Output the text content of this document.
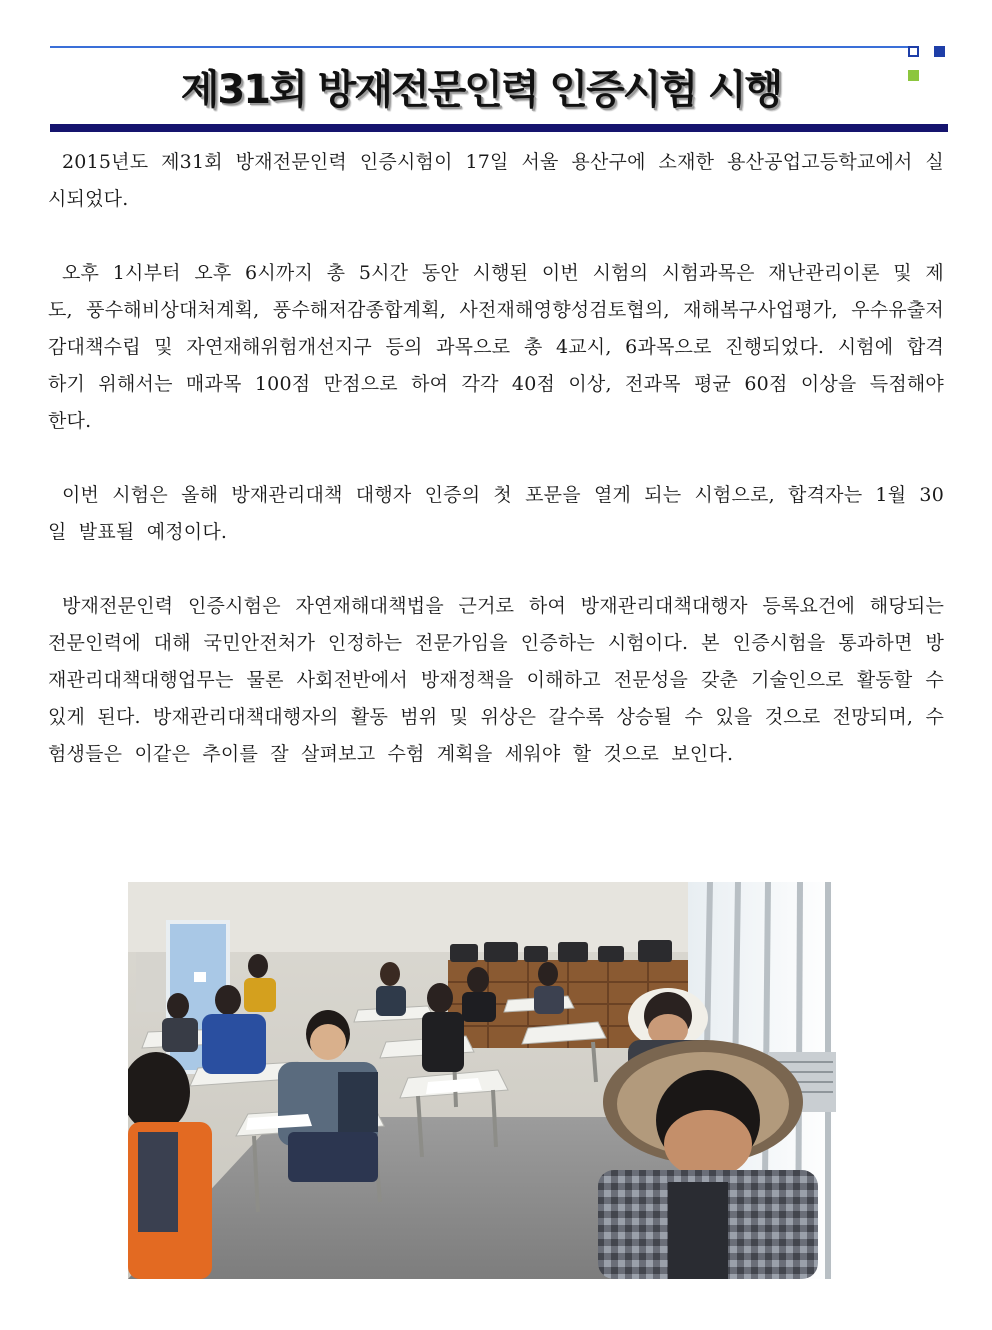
제31회 방재전문인력 인증시험 시행

2015년도 제31회 방재전문인력 인증시험이 17일 서울 용산구에 소재한 용산공업고등학교에서 실시되었다.

오후 1시부터 오후 6시까지 총 5시간 동안 시행된 이번 시험의 시험과목은 재난관리이론 및 제도, 풍수해비상대처계획, 풍수해저감종합계획, 사전재해영향성검토협의, 재해복구사업평가, 우수유출저감대책수립 및 자연재해위험개선지구 등의 과목으로 총 4교시, 6과목으로 진행되었다. 시험에 합격하기 위해서는 매과목 100점 만점으로 하여 각각 40점 이상, 전과목 평균 60점 이상을 득점해야 한다.

이번 시험은 올해 방재관리대책 대행자 인증의 첫 포문을 열게 되는 시험으로, 합격자는 1월 30일 발표될 예정이다.

방재전문인력 인증시험은 자연재해대책법을 근거로 하여 방재관리대책대행자 등록요건에 해당되는 전문인력에 대해 국민안전처가 인정하는 전문가임을 인증하는 시험이다. 본 인증시험을 통과하면 방재관리대책대행업무는 물론 사회전반에서 방재정책을 이해하고 전문성을 갖춘 기술인으로 활동할 수 있게 된다. 방재관리대책대행자의 활동 범위 및 위상은 갈수록 상승될 수 있을 것으로 전망되며, 수험생들은 이같은 추이를 잘 살펴보고 수험 계획을 세워야 할 것으로 보인다.
